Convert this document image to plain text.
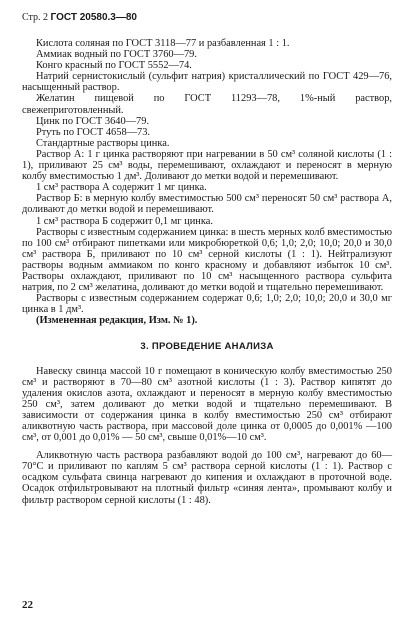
Стр. 2 ГОСТ 20580.3—80

Кислота соляная по ГОСТ 3118—77 и разбавленная 1 : 1.

Аммиак водный по ГОСТ 3760—79.

Конго красный по ГОСТ 5552—74.

Натрий сернистокислый (сульфит натрия) кристаллический по ГОСТ 429—76, насыщенный раствор.

Желатин пищевой по ГОСТ 11293—78, 1%-ный раствор, свежеприготовленный.

Цинк по ГОСТ 3640—79.

Ртуть по ГОСТ 4658—73.

Стандартные растворы цинка.

Раствор А: 1 г цинка растворяют при нагревании в 50 см³ соляной кислоты (1 : 1), приливают 25 см³ воды, перемешивают, охлаждают и переносят в мерную колбу вместимостью 1 дм³. Доливают до метки водой и перемешивают.

1 см³ раствора А содержит 1 мг цинка.

Раствор Б: в мерную колбу вместимостью 500 см³ переносят 50 см³ раствора А, доливают до метки водой и перемешивают.

1 см³ раствора Б содержит 0,1 мг цинка.

Растворы с известным содержанием цинка: в шесть мерных колб вместимостью по 100 см³ отбирают пипетками или микробюреткой 0,6; 1,0; 2,0; 10,0; 20,0 и 30,0 см³ раствора Б, приливают по 10 см³ серной кислоты (1 : 1). Нейтрализуют растворы водным аммиаком по конго красному и добавляют избыток 10 см³. Растворы охлаждают, приливают по 10 см³ насыщенного раствора сульфита натрия, по 2 см³ желатина, доливают до метки водой и тщательно перемешивают.

Растворы с известным содержанием содержат 0,6; 1,0; 2,0; 10,0; 20,0 и 30,0 мг цинка в 1 дм³.

(Измененная редакция, Изм. № 1).

3. ПРОВЕДЕНИЕ АНАЛИЗА

Навеску свинца массой 10 г помещают в коническую колбу вместимостью 250 см³ и растворяют в 70—80 см³ азотной кислоты (1 : 3). Раствор кипятят до удаления окислов азота, охлаждают и переносят в мерную колбу вместимостью 250 см³, затем доливают до метки водой и тщательно перемешивают. В зависимости от содержания цинка в колбу вместимостью 250 см³ отбирают аликвотную часть раствора, при массовой доле цинка от 0,0005 до 0,001% —100 см³, от 0,001 до 0,01% — 50 см³, свыше 0,01%—10 см³.

Аликвотную часть раствора разбавляют водой до 100 см³, нагревают до 60—70°С и приливают по каплям 5 см³ раствора серной кислоты (1 : 1). Раствор с осадком сульфата свинца нагревают до кипения и охлаждают в проточной воде. Осадок отфильтровывают на плотный фильтр «синяя лента», промывают колбу и фильтр раствором серной кислоты (1 : 48).

22
